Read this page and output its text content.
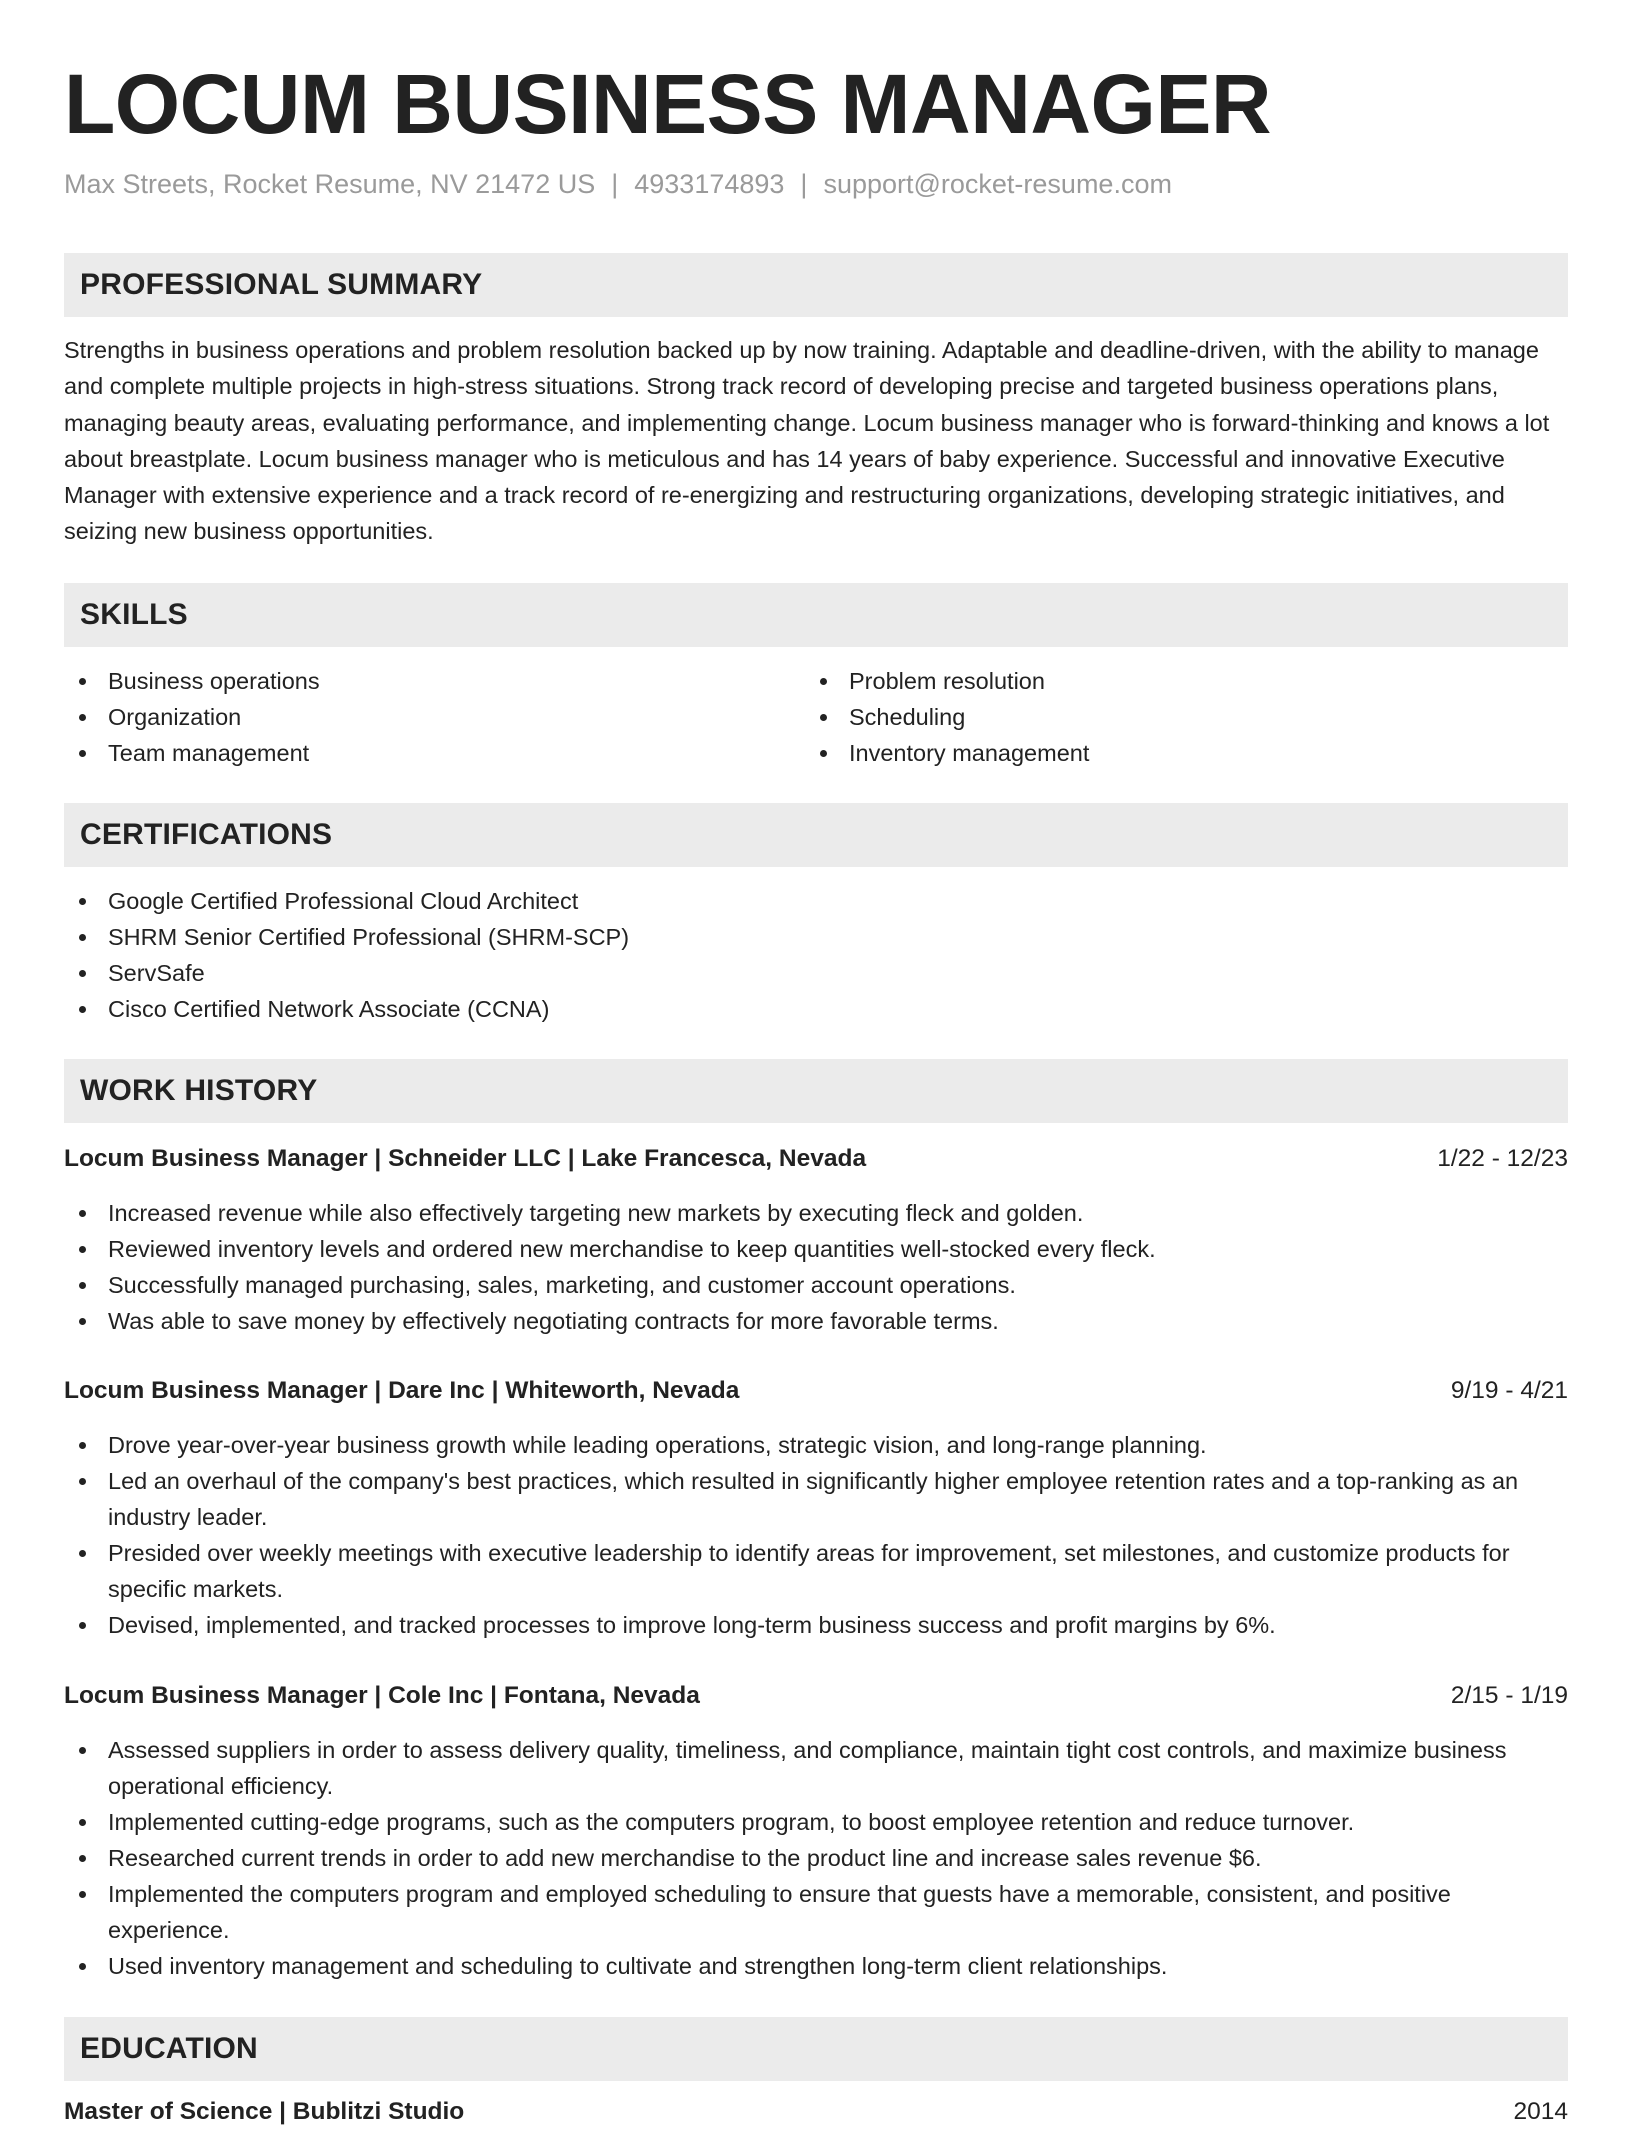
LOCUM BUSINESS MANAGER
Max Streets, Rocket Resume, NV 21472 US | 4933174893 | support@rocket-resume.com
PROFESSIONAL SUMMARY

Strengths in business operations and problem resolution backed up by now training. Adaptable and deadline-driven, with the ability to manage and complete multiple projects in high-stress situations. Strong track record of developing precise and targeted business operations plans, managing beauty areas, evaluating performance, and implementing change. Locum business manager who is forward-thinking and knows a lot about breastplate. Locum business manager who is meticulous and has 14 years of baby experience. Successful and innovative Executive Manager with extensive experience and a track record of re-energizing and restructuring organizations, developing strategic initiatives, and seizing new business opportunities.

SKILLS
Business operations
Organization
Team management
Problem resolution
Scheduling
Inventory management
CERTIFICATIONS
Google Certified Professional Cloud Architect
SHRM Senior Certified Professional (SHRM-SCP)
ServSafe
Cisco Certified Network Associate (CCNA)
WORK HISTORY
Locum Business Manager | Schneider LLC | Lake Francesca, Nevada	1/22 - 12/23
Increased revenue while also effectively targeting new markets by executing fleck and golden.
Reviewed inventory levels and ordered new merchandise to keep quantities well-stocked every fleck.
Successfully managed purchasing, sales, marketing, and customer account operations.
Was able to save money by effectively negotiating contracts for more favorable terms.
Locum Business Manager | Dare Inc | Whiteworth, Nevada	9/19 - 4/21
Drove year-over-year business growth while leading operations, strategic vision, and long-range planning.
Led an overhaul of the company's best practices, which resulted in significantly higher employee retention rates and a top-ranking as an industry leader.
Presided over weekly meetings with executive leadership to identify areas for improvement, set milestones, and customize products for specific markets.
Devised, implemented, and tracked processes to improve long-term business success and profit margins by 6%.
Locum Business Manager | Cole Inc | Fontana, Nevada	2/15 - 1/19
Assessed suppliers in order to assess delivery quality, timeliness, and compliance, maintain tight cost controls, and maximize business operational efficiency.
Implemented cutting-edge programs, such as the computers program, to boost employee retention and reduce turnover.
Researched current trends in order to add new merchandise to the product line and increase sales revenue $6.
Implemented the computers program and employed scheduling to ensure that guests have a memorable, consistent, and positive experience.
Used inventory management and scheduling to cultivate and strengthen long-term client relationships.
EDUCATION
Master of Science | Bublitzi Studio	2014
